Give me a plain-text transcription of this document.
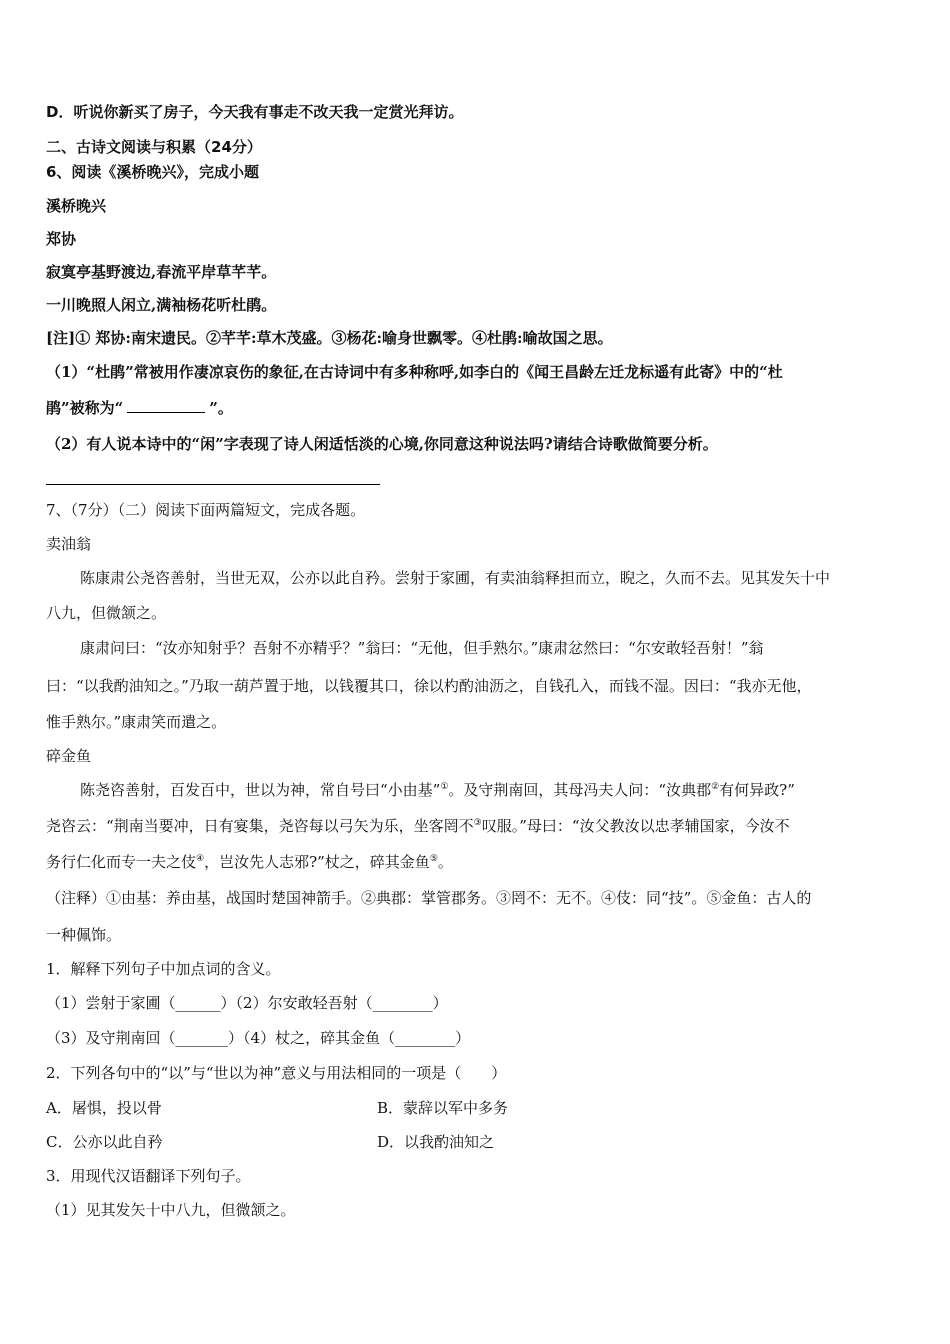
D．听说你新买了房子，今天我有事走不改天我一定赏光拜访。
二、古诗文阅读与积累（24分）
6、阅读《溪桥晚兴》，完成小题
溪桥晚兴
郑协
寂寞亭基野渡边,春流平岸草芊芊。
一川晚照人闲立,满袖杨花听杜鹃。
[注]① 郑协:南宋遗民。②芊芊:草木茂盛。③杨花:喻身世飘零。④杜鹃:喻故国之思。
（1）“杜鹃”常被用作凄凉哀伤的象征,在古诗词中有多种称呼,如李白的《闻王昌龄左迁龙标遥有此寄》中的“杜
鹃”被称为“	”。
（2）有人说本诗中的“闲”字表现了诗人闲适恬淡的心境,你同意这种说法吗?请结合诗歌做简要分析。
7、（7分）（二）阅读下面两篇短文，完成各题。
卖油翁
陈康肃公尧咨善射，当世无双，公亦以此自矜。尝射于家圃，有卖油翁释担而立，睨之，久而不去。见其发矢十中
八九，但微颔之。
康肃问曰：“汝亦知射乎？吾射不亦精乎？”翁曰：“无他，但手熟尔。”康肃忿然曰：“尔安敢轻吾射！”翁
曰：“以我酌油知之。”乃取一葫芦置于地，以钱覆其口，徐以杓酌油沥之，自钱孔入，而钱不湿。因曰：“我亦无他，
惟手熟尔。”康肃笑而遣之。
碎金鱼
陈尧咨善射，百发百中，世以为神，常自号曰“小由基”①。及守荆南回，其母冯夫人问：“汝典郡②有何异政?”
尧咨云：“荆南当要冲，日有宴集，尧咨每以弓矢为乐，坐客罔不③叹服。”母曰：“汝父教汝以忠孝辅国家，今汝不
务行仁化而专一夫之伎④，岂汝先人志邪?”杖之，碎其金鱼⑤。
（注释）①由基：养由基，战国时楚国神箭手。②典郡：掌管郡务。③罔不：无不。④伎：同“技”。⑤金鱼：古人的
一种佩饰。
1．解释下列句子中加点词的含义。
（1）尝射于家圃（______）（2）尔安敢轻吾射（________）
（3）及守荆南回（_______）（4）杖之，碎其金鱼（________）
2．下列各句中的“以”与“世以为神”意义与用法相同的一项是（　　）
A．屠惧，投以骨	B．蒙辞以军中多务
C．公亦以此自矜	D．以我酌油知之
3．用现代汉语翻译下列句子。
（1）见其发矢十中八九，但微颔之。
